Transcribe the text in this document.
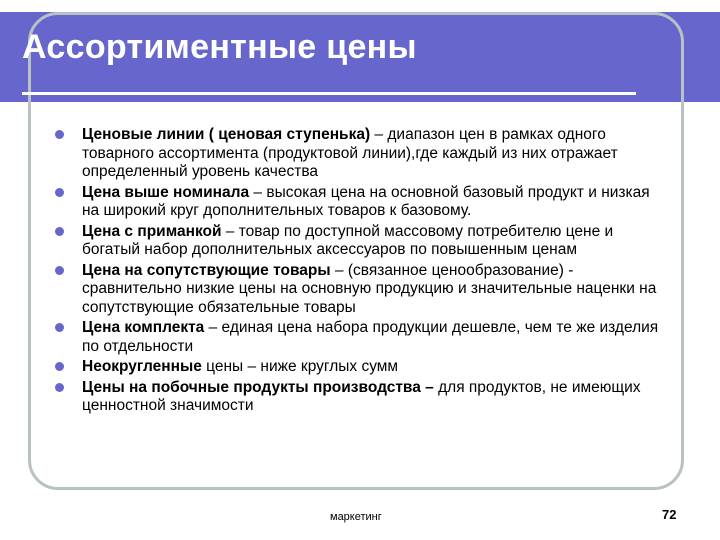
Ассортиментные цены
Ценовые линии ( ценовая ступенька) – диапазон цен в рамках одного товарного ассортимента (продуктовой линии),где каждый из них отражает определенный уровень качества
Цена выше номинала – высокая цена на основной базовый продукт и низкая на широкий круг дополнительных товаров к базовому.
Цена с приманкой – товар по доступной массовому потребителю цене и богатый набор дополнительных аксессуаров по повышенным ценам
Цена на сопутствующие товары – (связанное ценообразование) - сравнительно низкие цены на основную продукцию и значительные наценки на сопутствующие обязательные товары
Цена комплекта – единая цена набора продукции дешевле, чем те же изделия по отдельности
Неокругленные цены – ниже круглых сумм
Цены на побочные продукты производства – для продуктов, не имеющих ценностной значимости
маркетинг	72
